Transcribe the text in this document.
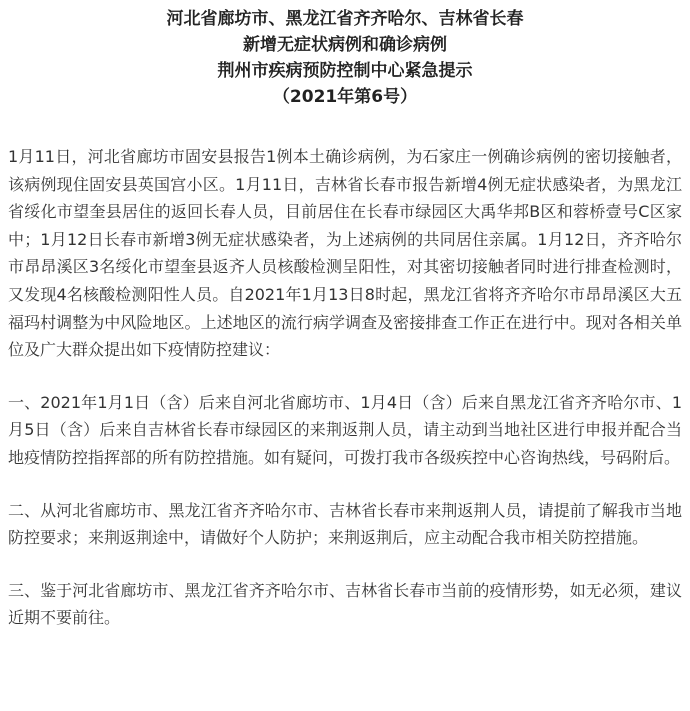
河北省廊坊市、黑龙江省齐齐哈尔、吉林省长春
新增无症状病例和确诊病例
荆州市疾病预防控制中心紧急提示
（2021年第6号）

1月11日，河北省廊坊市固安县报告1例本土确诊病例，为石家庄一例确诊病例的密切接触者，该病例现住固安县英国宫小区。1月11日，吉林省长春市报告新增4例无症状感染者，为黑龙江省绥化市望奎县居住的返回长春人员，目前居住在长春市绿园区大禹华邦B区和蓉桥壹号C区家中；1月12日长春市新增3例无症状感染者，为上述病例的共同居住亲属。1月12日，齐齐哈尔市昂昂溪区3名绥化市望奎县返齐人员核酸检测呈阳性，对其密切接触者同时进行排查检测时，又发现4名核酸检测阳性人员。自2021年1月13日8时起，黑龙江省将齐齐哈尔市昂昂溪区大五福玛村调整为中风险地区。上述地区的流行病学调查及密接排查工作正在进行中。现对各相关单位及广大群众提出如下疫情防控建议：

一、2021年1月1日（含）后来自河北省廊坊市、1月4日（含）后来自黑龙江省齐齐哈尔市、1月5日（含）后来自吉林省长春市绿园区的来荆返荆人员，请主动到当地社区进行申报并配合当地疫情防控指挥部的所有防控措施。如有疑问，可拨打我市各级疾控中心咨询热线，号码附后。

二、从河北省廊坊市、黑龙江省齐齐哈尔市、吉林省长春市来荆返荆人员，请提前了解我市当地防控要求；来荆返荆途中，请做好个人防护；来荆返荆后，应主动配合我市相关防控措施。

三、鉴于河北省廊坊市、黑龙江省齐齐哈尔市、吉林省长春市当前的疫情形势，如无必须，建议近期不要前往。
